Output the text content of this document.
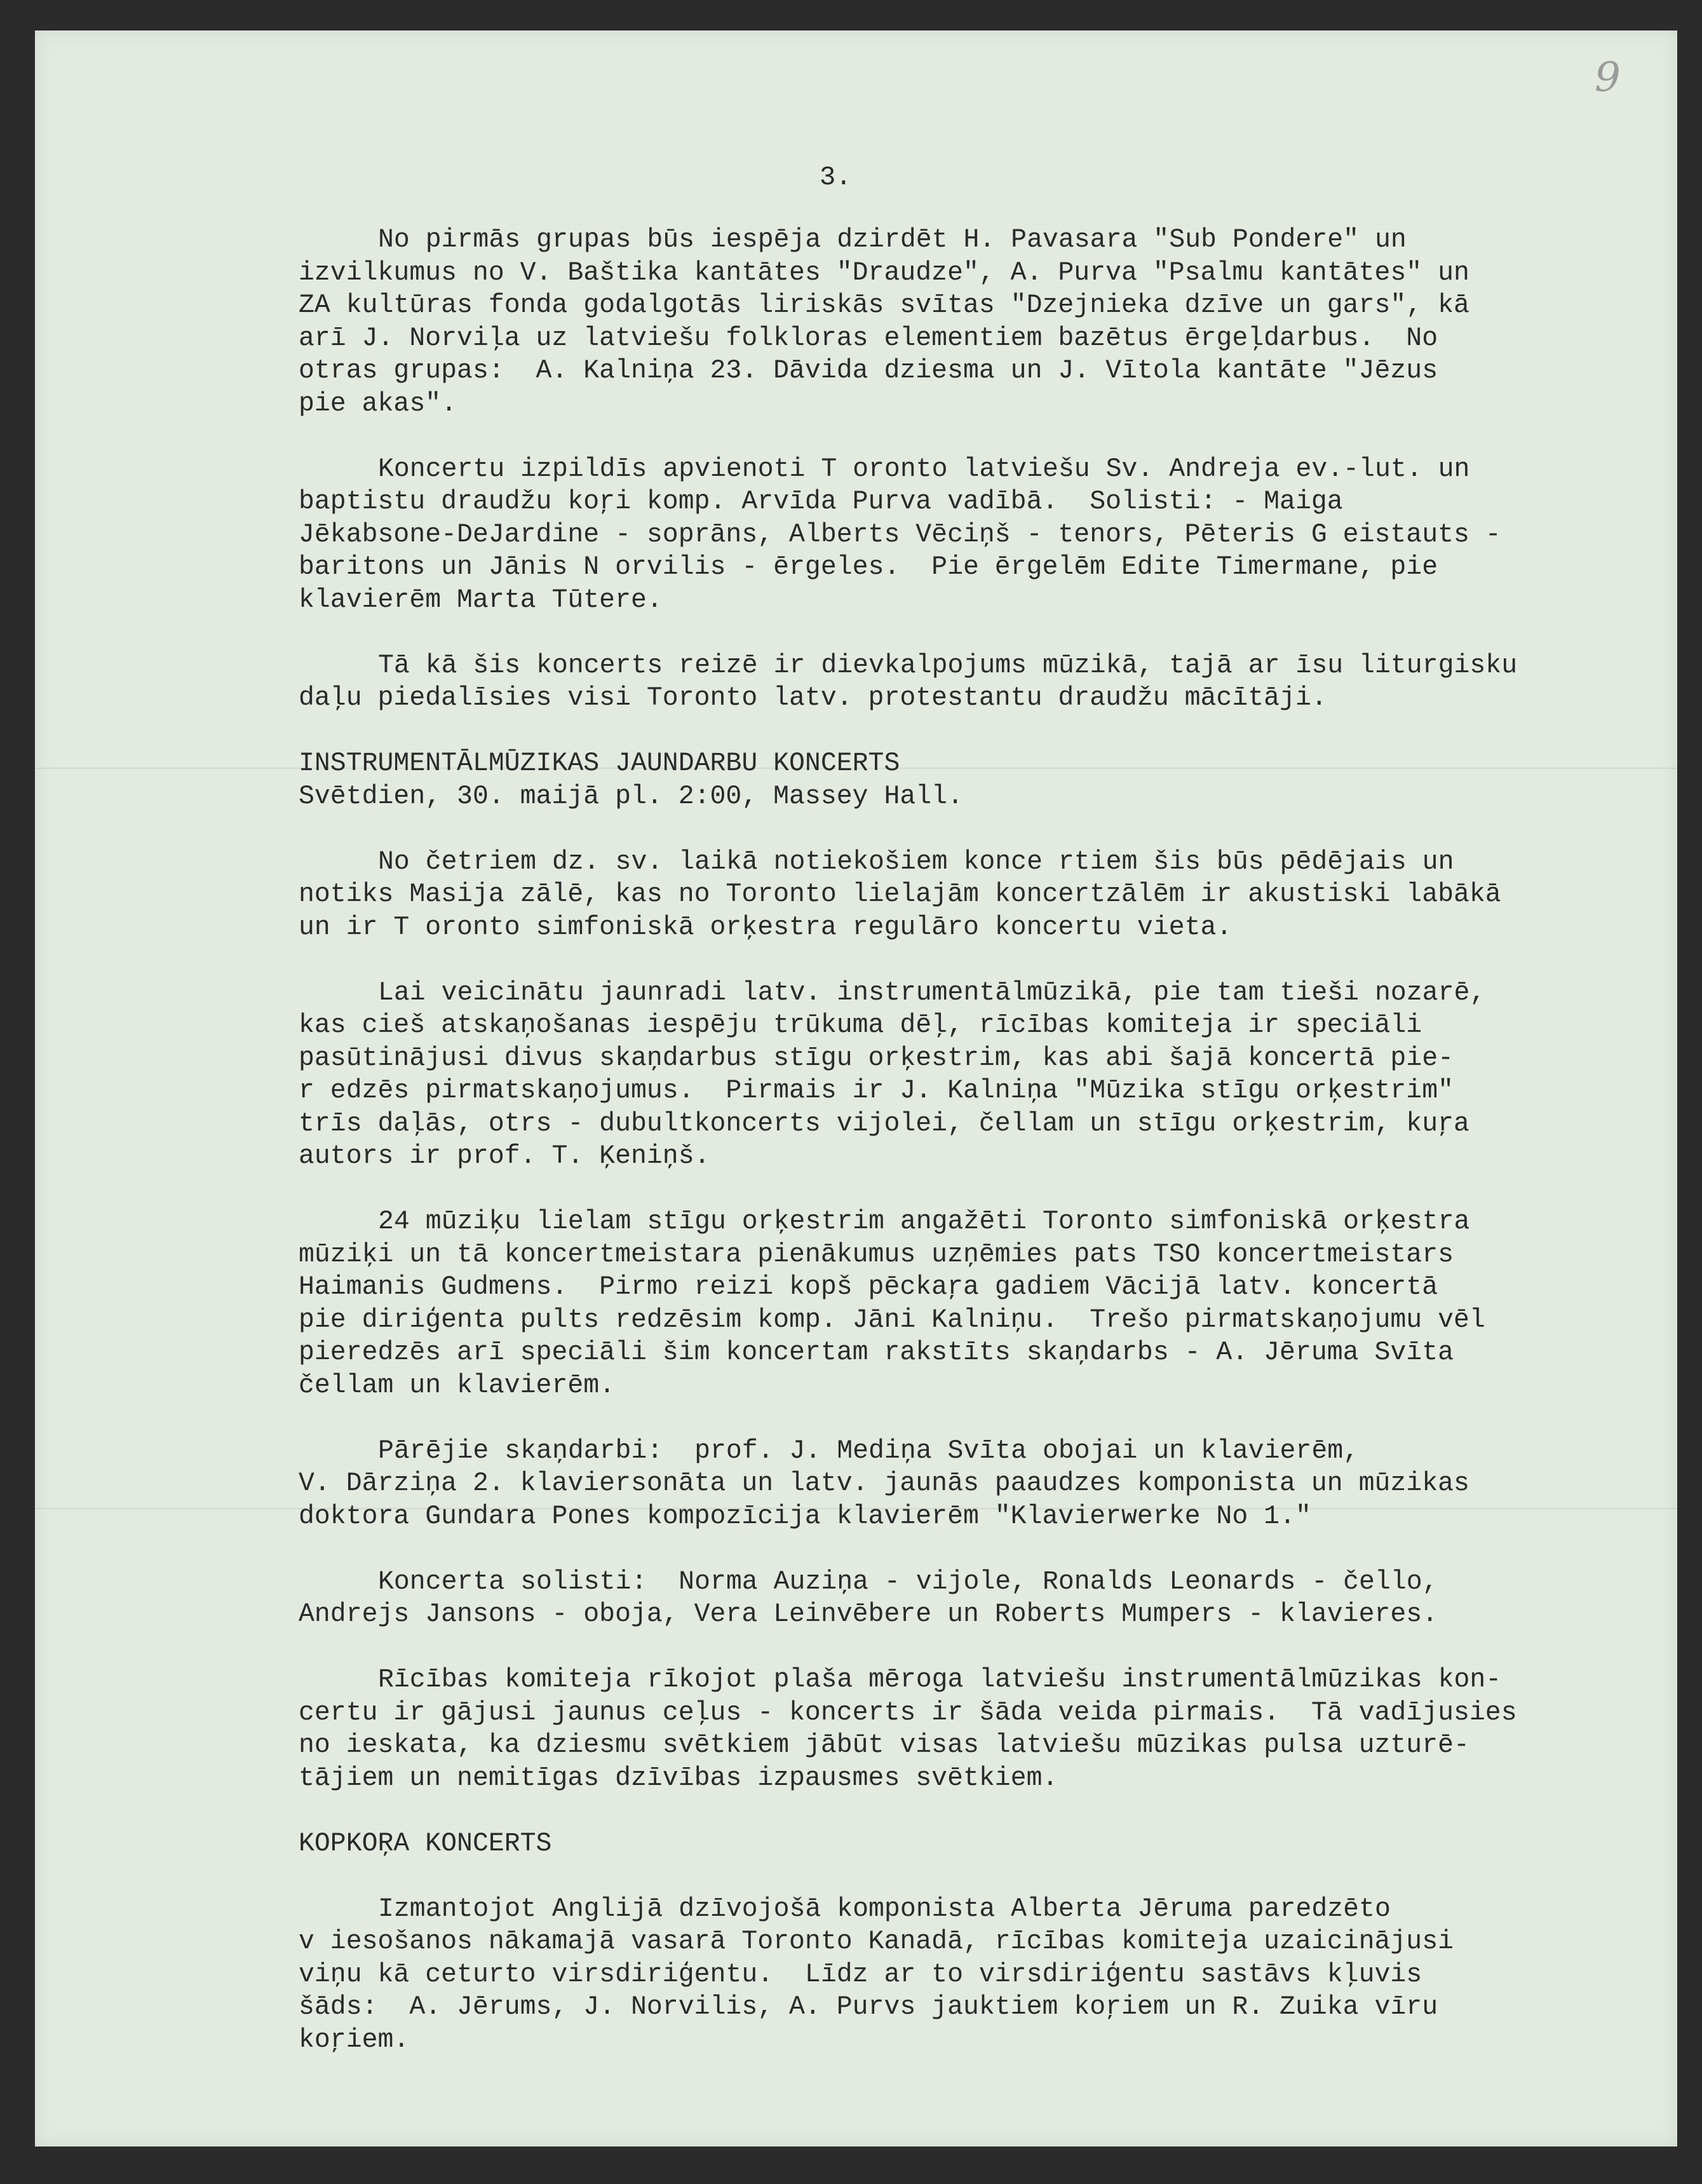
9
3.

No pirmās grupas būs iespēja dzirdēt H. Pavasara "Sub Pondere" un
izvilkumus no V. Baštika kantātes "Draudze", A. Purva "Psalmu kantātes" un
ZA kultūras fonda godalgotās liriskās svītas "Dzejnieka dzīve un gars", kā
arī J. Norviļa uz latviešu folkloras elementiem bazētus ērgeļdarbus.  No
otras grupas:  A. Kalniņa 23. Dāvida dziesma un J. Vītola kantāte "Jēzus
pie akas".

Koncertu izpildīs apvienoti T oronto latviešu Sv. Andreja ev.-lut. un
baptistu draudžu koŗi komp. Arvīda Purva vadībā.  Solisti: - Maiga
Jēkabsone-DeJardine - soprāns, Alberts Vēciņš - tenors, Pēteris G eistauts -
baritons un Jānis N orvilis - ērgeles.  Pie ērgelēm Edite Timermane, pie
klavierēm Marta Tūtere.

Tā kā šis koncerts reizē ir dievkalpojums mūzikā, tajā ar īsu liturgisku
daļu piedalīsies visi Toronto latv. protestantu draudžu mācītāji.

INSTRUMENTĀLMŪZIKAS JAUNDARBU KONCERTS
Svētdien, 30. maijā pl. 2:00, Massey Hall.

No četriem dz. sv. laikā notiekošiem konce rtiem šis būs pēdējais un
notiks Masija zālē, kas no Toronto lielajām koncertzālēm ir akustiski labākā
un ir T oronto simfoniskā orķestra regulāro koncertu vieta.

Lai veicinātu jaunradi latv. instrumentālmūzikā, pie tam tieši nozarē,
kas cieš atskaņošanas iespēju trūkuma dēļ, rīcības komiteja ir speciāli
pasūtinājusi divus skaņdarbus stīgu orķestrim, kas abi šajā koncertā pie-
r edzēs pirmatskaņojumus.  Pirmais ir J. Kalniņa "Mūzika stīgu orķestrim"
trīs daļās, otrs - dubultkoncerts vijolei, čellam un stīgu orķestrim, kuŗa
autors ir prof. T. Ķeniņš.

24 mūziķu lielam stīgu orķestrim angažēti Toronto simfoniskā orķestra
mūziķi un tā koncertmeistara pienākumus uzņēmies pats TSO koncertmeistars
Haimanis Gudmens.  Pirmo reizi kopš pēckaŗa gadiem Vācijā latv. koncertā
pie diriģenta pults redzēsim komp. Jāni Kalniņu.  Trešo pirmatskaņojumu vēl
pieredzēs arī speciāli šim koncertam rakstīts skaņdarbs - A. Jēruma Svīta
čellam un klavierēm.

Pārējie skaņdarbi:  prof. J. Mediņa Svīta obojai un klavierēm,
V. Dārziņa 2. klaviersonāta un latv. jaunās paaudzes komponista un mūzikas
doktora Gundara Pones kompozīcija klavierēm "Klavierwerke No 1."

Koncerta solisti:  Norma Auziņa - vijole, Ronalds Leonards - čello,
Andrejs Jansons - oboja, Vera Leinvēbere un Roberts Mumpers - klavieres.

Rīcības komiteja rīkojot plaša mēroga latviešu instrumentālmūzikas kon-
certu ir gājusi jaunus ceļus - koncerts ir šāda veida pirmais.  Tā vadījusies
no ieskata, ka dziesmu svētkiem jābūt visas latviešu mūzikas pulsa uzturē-
tājiem un nemitīgas dzīvības izpausmes svētkiem.

KOPKOŖA KONCERTS

Izmantojot Anglijā dzīvojošā komponista Alberta Jēruma paredzēto
v iesošanos nākamajā vasarā Toronto Kanadā, rīcības komiteja uzaicinājusi
viņu kā ceturto virsdiriģentu.  Līdz ar to virsdiriģentu sastāvs kļuvis
šāds:  A. Jērums, J. Norvilis, A. Purvs jauktiem koŗiem un R. Zuika vīru
koŗiem.
